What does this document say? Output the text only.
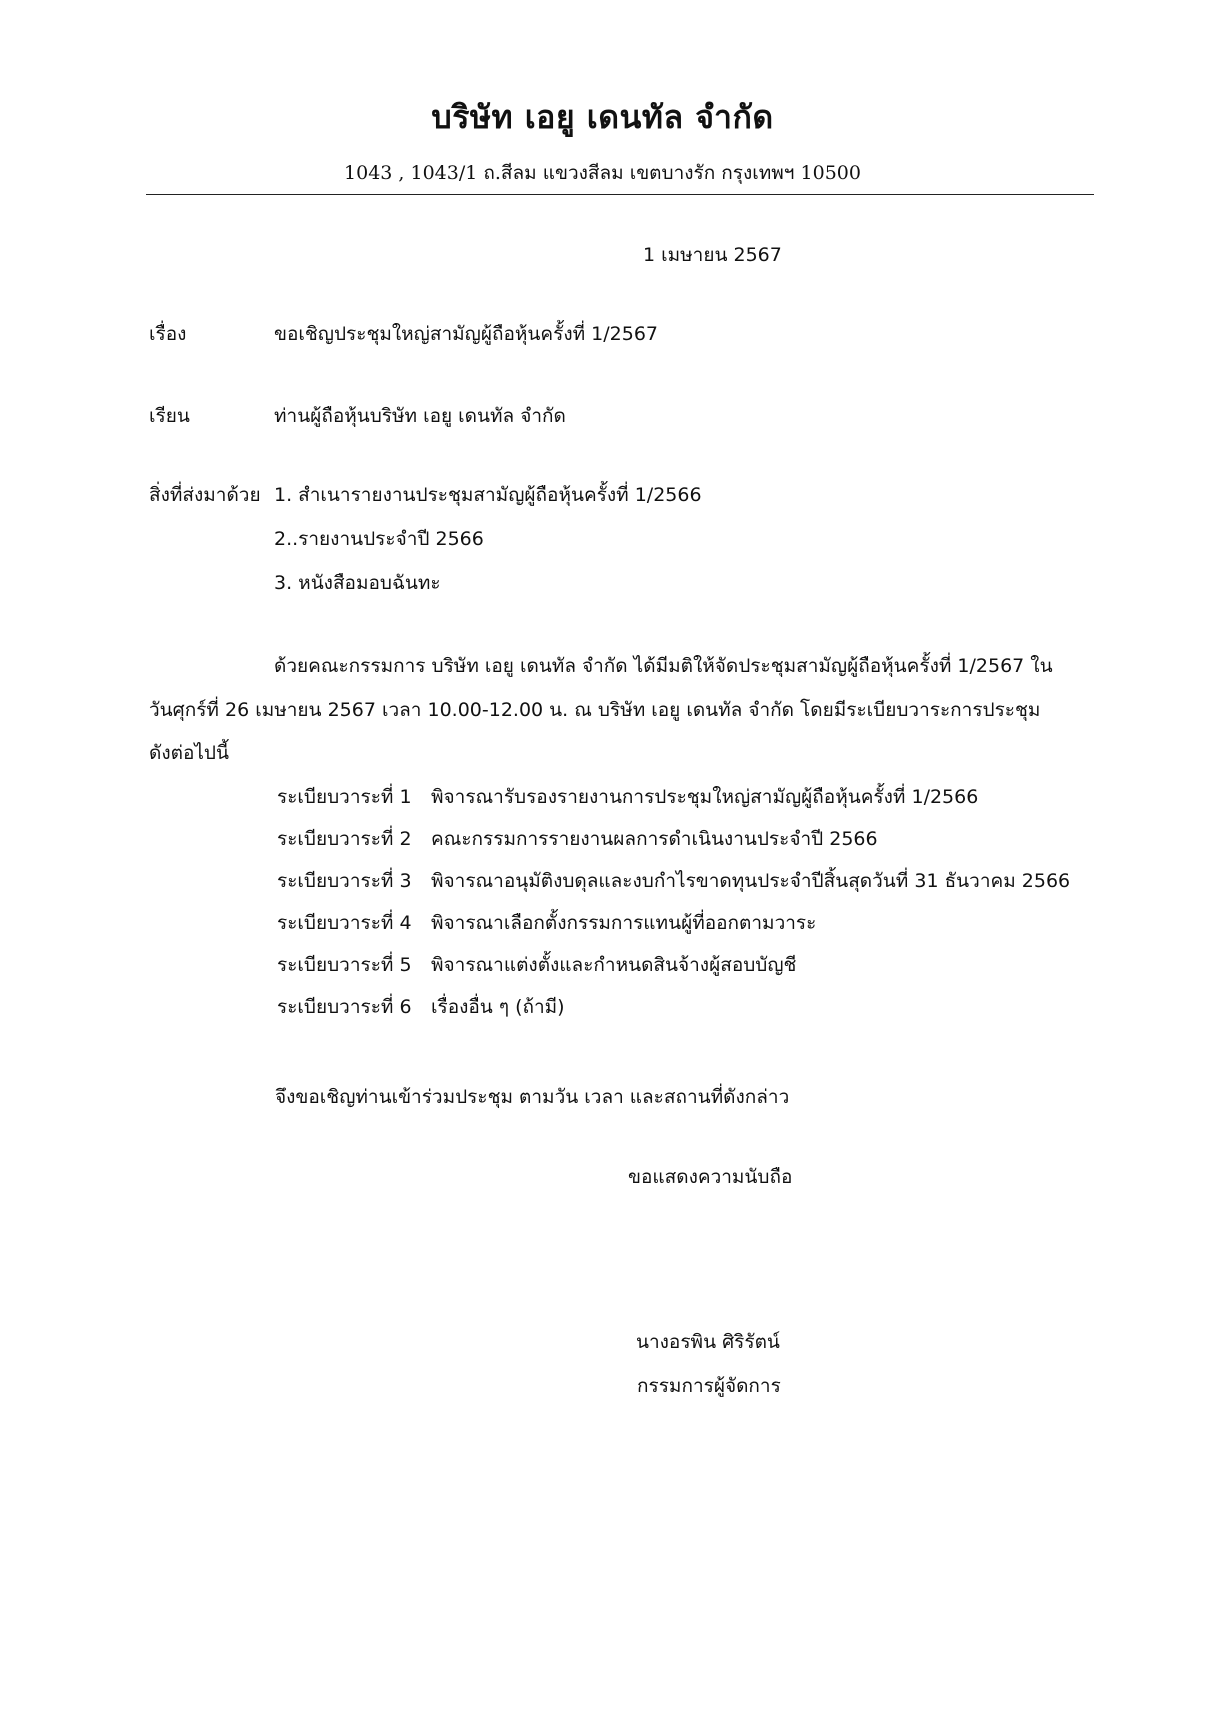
บริษัท เอยู เดนทัล จำกัด
1043 , 1043/1 ถ.สีลม แขวงสีลม เขตบางรัก กรุงเทพฯ 10500
1 เมษายน 2567
เรื่อง	ขอเชิญประชุมใหญ่สามัญผู้ถือหุ้นครั้งที่ 1/2567
เรียน	ท่านผู้ถือหุ้นบริษัท เอยู เดนทัล จำกัด
สิ่งที่ส่งมาด้วย 1. สำเนารายงานประชุมสามัญผู้ถือหุ้นครั้งที่ 1/2566
2..รายงานประจำปี 2566
3. หนังสือมอบฉันทะ
ด้วยคณะกรรมการ บริษัท เอยู เดนทัล จำกัด ได้มีมติให้จัดประชุมสามัญผู้ถือหุ้นครั้งที่ 1/2567 ใน
วันศุกร์ที่ 26 เมษายน 2567 เวลา 10.00-12.00 น. ณ บริษัท เอยู เดนทัล จำกัด โดยมีระเบียบวาระการประชุม
ดังต่อไปนี้
ระเบียบวาระที่ 1 พิจารณารับรองรายงานการประชุมใหญ่สามัญผู้ถือหุ้นครั้งที่ 1/2566
ระเบียบวาระที่ 2 คณะกรรมการรายงานผลการดำเนินงานประจำปี 2566
ระเบียบวาระที่ 3 พิจารณาอนุมัติงบดุลและงบกำไรขาดทุนประจำปีสิ้นสุดวันที่ 31 ธันวาคม 2566
ระเบียบวาระที่ 4 พิจารณาเลือกตั้งกรรมการแทนผู้ที่ออกตามวาระ
ระเบียบวาระที่ 5 พิจารณาแต่งตั้งและกำหนดสินจ้างผู้สอบบัญชี
ระเบียบวาระที่ 6 เรื่องอื่น ๆ (ถ้ามี)
จึงขอเชิญท่านเข้าร่วมประชุม ตามวัน เวลา และสถานที่ดังกล่าว
ขอแสดงความนับถือ
นางอรพิน ศิริรัตน์
กรรมการผู้จัดการ
